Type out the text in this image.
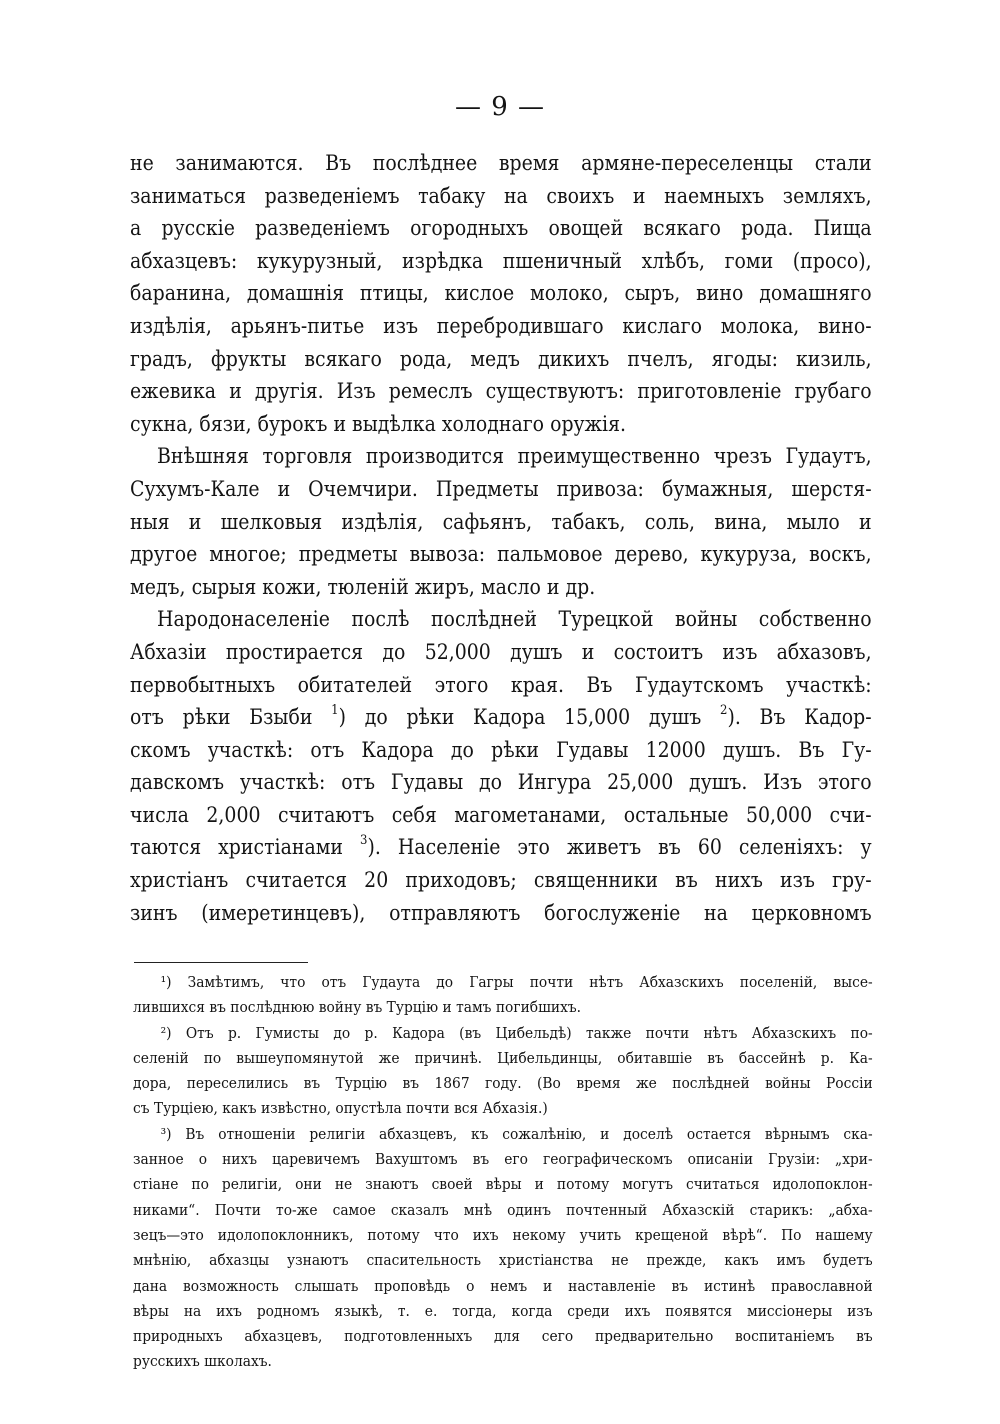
— 9 —

не занимаются. Въ послѣднее время армяне-переселенцы стали
заниматься разведеніемъ табаку на своихъ и наемныхъ земляхъ,
а русскіе разведеніемъ огородныхъ овощей всякаго рода. Пища
абхазцевъ: кукурузный, изрѣдка пшеничный хлѣбъ, гоми (просо),
баранина, домашнія птицы, кислое молоко, сыръ, вино домашняго
издѣлія, арьянъ-питье изъ перебродившаго кислаго молока, вино-
градъ, фрукты всякаго рода, медъ дикихъ пчелъ, ягоды: кизиль,
ежевика и другія. Изъ ремеслъ существуютъ: приготовленіе грубаго
сукна, бязи, бурокъ и выдѣлка холоднаго оружія.

Внѣшняя торговля производится преимущественно чрезъ Гудаутъ,
Сухумъ-Кале и Очемчири. Предметы привоза: бумажныя, шерстя-
ныя и шелковыя издѣлія, сафьянъ, табакъ, соль, вина, мыло и
другое многое; предметы вывоза: пальмовое дерево, кукуруза, воскъ,
медъ, сырыя кожи, тюленій жиръ, масло и др.

Народонаселеніе послѣ послѣдней Турецкой войны собственно
Абхазіи простирается до 52,000 душъ и состоитъ изъ абхазовъ,
первобытныхъ обитателей этого края. Въ Гудаутскомъ участкѣ:
отъ рѣки Бзыби $^1$) до рѣки Кадора 15,000 душъ $^2$). Въ Кадор-
скомъ участкѣ: отъ Кадора до рѣки Гудавы 12000 душъ. Въ Гу-
давскомъ участкѣ: отъ Гудавы до Ингура 25,000 душъ. Изъ этого
числа 2,000 считаютъ себя магометанами, остальные 50,000 счи-
таются христіанами $^3$). Населеніе это живетъ въ 60 селеніяхъ: у
христіанъ считается 20 приходовъ; священники въ нихъ изъ гру-
зинъ (имеретинцевъ), отправляютъ богослуженіе на церковномъ

¹) Замѣтимъ, что отъ Гудаута до Гагры почти нѣтъ Абхазскихъ поселеній, высе-
лившихся въ послѣднюю войну въ Турцію и тамъ погибшихъ.
²) Отъ р. Гумисты до р. Кадора (въ Цибельдѣ) также почти нѣтъ Абхазскихъ по-
селеній по вышеупомянутой же причинѣ. Цибельдинцы, обитавшіе въ бассейнѣ р. Ка-
дора, переселились въ Турцію въ 1867 году. (Во время же послѣдней войны Россіи
съ Турціею, какъ извѣстно, опустѣла почти вся Абхазія.)
³) Въ отношеніи религіи абхазцевъ, къ сожалѣнію, и доселѣ остается вѣрнымъ ска-
занное о нихъ царевичемъ Вахуштомъ въ его географическомъ описаніи Грузіи: „хри-
стіане по религіи, они не знаютъ своей вѣры и потому могутъ считаться идолопоклон-
никами“. Почти то-же самое сказалъ мнѣ одинъ почтенный Абхазскій старикъ: „абха-
зецъ—это идолопоклонникъ, потому что ихъ некому учить крещеной вѣрѣ“. По нашему
мнѣнію, абхазцы узнаютъ спасительность христіанства не прежде, какъ имъ будетъ
дана возможность слышать проповѣдь о немъ и наставленіе въ истинѣ православной
вѣры на ихъ родномъ языкѣ, т. е. тогда, когда среди ихъ появятся миссіонеры изъ
природныхъ абхазцевъ, подготовленныхъ для сего предварительно воспитаніемъ въ
русскихъ школахъ.
